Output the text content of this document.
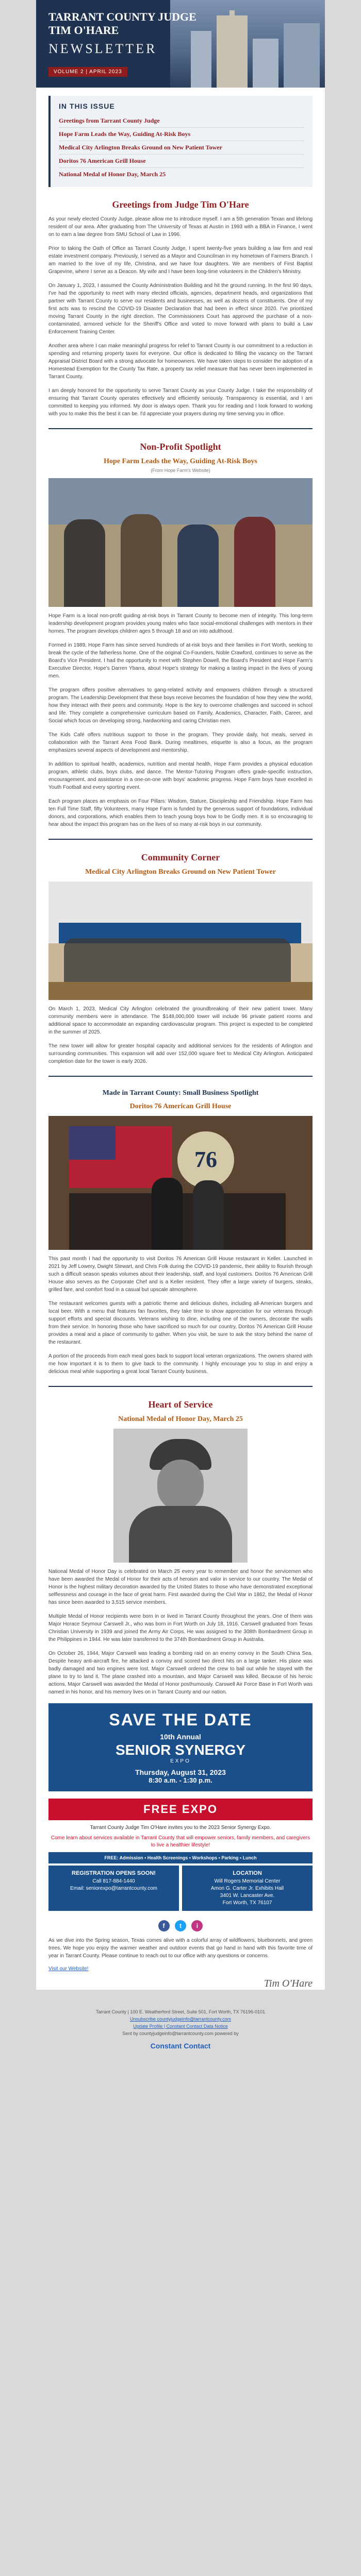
TARRANT COUNTY JUDGE
TIM O'HARE
NEWSLETTER
VOLUME 2 | APRIL 2023
IN THIS ISSUE
Greetings from Tarrant County Judge
Hope Farm Leads the Way, Guiding At-Risk Boys
Medical City Arlington Breaks Ground on New Patient Tower
Doritos 76 American Grill House
National Medal of Honor Day, March 25
Greetings from Judge Tim O'Hare

As your newly elected County Judge, please allow me to introduce myself. I am a 5th generation Texan and lifelong resident of our area. After graduating from The University of Texas at Austin in 1993 with a BBA in Finance, I went on to earn a law degree from SMU School of Law in 1996.

Prior to taking the Oath of Office as Tarrant County Judge, I spent twenty-five years building a law firm and real estate investment company. Previously, I served as a Mayor and Councilman in my hometown of Farmers Branch. I am married to the love of my life, Christina, and we have four daughters. We are members of First Baptist Grapevine, where I serve as a Deacon. My wife and I have been long-time volunteers in the Children's Ministry.

On January 1, 2023, I assumed the County Administration Building and hit the ground running. In the first 90 days, I've had the opportunity to meet with many elected officials, agencies, department heads, and organizations that partner with Tarrant County to serve our residents and businesses, as well as dozens of constituents. One of my first acts was to rescind the COVID-19 Disaster Declaration that had been in effect since 2020. I've prioritized moving Tarrant County in the right direction. The Commissioners Court has approved the purchase of a non-contaminated, armored vehicle for the Sheriff's Office and voted to move forward with plans to build a Law Enforcement Training Center.

Another area where I can make meaningful progress for relief to Tarrant County is our commitment to a reduction in spending and returning property taxes for everyone. Our office is dedicated to filling the vacancy on the Tarrant Appraisal District Board with a strong advocate for homeowners. We have taken steps to consider the adoption of a Homestead Exemption for the County Tax Rate, a property tax relief measure that has never been implemented in Tarrant County.

I am deeply honored for the opportunity to serve Tarrant County as your County Judge. I take the responsibility of ensuring that Tarrant County operates effectively and efficiently seriously. Transparency is essential, and I am committed to keeping you informed. My door is always open. Thank you for reading and I look forward to working with you to make this the best it can be. I'd appreciate your prayers during my time serving you in office.

Non-Profit Spotlight
Hope Farm Leads the Way, Guiding At-Risk Boys
(From Hope Farm's Website)

Hope Farm is a local non-profit guiding at-risk boys in Tarrant County to become men of integrity. This long-term leadership development program provides young males who face social-emotional challenges with mentors in their homes. The program develops children ages 5 through 18 and on into adulthood.

Formed in 1989, Hope Farm has since served hundreds of at-risk boys and their families in Fort Worth, seeking to break the cycle of the fatherless home. One of the original Co-Founders, Noble Crawford, continues to serve as the Board's Vice President. I had the opportunity to meet with Stephen Dowell, the Board's President and Hope Farm's Executive Director, Hope's Darren Ybarra, about Hope's strategy for making a lasting impact in the lives of young men.

The program offers positive alternatives to gang-related activity and empowers children through a structured program. The Leadership Development that these boys receive becomes the foundation of how they view the world, how they interact with their peers and community. Hope is the key to overcome challenges and succeed in school and life. They complete a comprehensive curriculum based on Family, Academics, Character, Faith, Career, and Social which focus on developing strong, hardworking and caring Christian men.

The Kids Café offers nutritious support to those in the program. They provide daily, hot meals, served in collaboration with the Tarrant Area Food Bank. During mealtimes, etiquette is also a focus, as the program emphasizes several aspects of development and mentorship.

In addition to spiritual health, academics, nutrition and mental health, Hope Farm provides a physical education program, athletic clubs, boys clubs, and dance. The Mentor-Tutoring Program offers grade-specific instruction, encouragement, and assistance in a one-on-one with boys' academic progress. Hope Farm boys have excelled in Youth Football and every sporting event.

Each program places an emphasis on Four Pillars: Wisdom, Stature, Discipleship and Friendship. Hope Farm has ten Full Time Staff, fifty Volunteers, many Hope Farm is funded by the generous support of foundations, individual donors, and corporations, which enables them to teach young boys how to be Godly men. It is so encouraging to hear about the impact this program has on the lives of so many at-risk boys in our community.

Community Corner
Medical City Arlington Breaks Ground on New Patient Tower

On March 1, 2023, Medical City Arlington celebrated the groundbreaking of their new patient tower. Many community members were in attendance. The $148,000,000 tower will include 96 private patient rooms and additional space to accommodate an expanding cardiovascular program. This project is expected to be completed in the summer of 2025.

The new tower will allow for greater hospital capacity and additional services for the residents of Arlington and surrounding communities. This expansion will add over 152,000 square feet to Medical City Arlington. Anticipated completion date for the tower is early 2026.

Made in Tarrant County: Small Business Spotlight
Doritos 76 American Grill House
76

This past month I had the opportunity to visit Doritos 76 American Grill House restaurant in Keller. Launched in 2021 by Jeff Lowery, Dwight Stewart, and Chris Folk during the COVID-19 pandemic, their ability to flourish through such a difficult season speaks volumes about their leadership, staff, and loyal customers. Doritos 76 American Grill House also serves as the Corporate Chef and is a Keller resident. They offer a large variety of burgers, steaks, grilled fare, and comfort food in a casual but upscale atmosphere.

The restaurant welcomes guests with a patriotic theme and delicious dishes, including all-American burgers and local beer. With a menu that features fan favorites, they take time to show appreciation for our veterans through support efforts and special discounts. Veterans wishing to dine, including one of the owners, decorate the walls from their service. In honoring those who have sacrificed so much for our country, Doritos 76 American Grill House provides a meal and a place of community to gather. When you visit, be sure to ask the story behind the name of the restaurant.

A portion of the proceeds from each meal goes back to support local veteran organizations. The owners shared with me how important it is to them to give back to the community. I highly encourage you to stop in and enjoy a delicious meal while supporting a great local Tarrant County business.

Heart of Service
National Medal of Honor Day, March 25

National Medal of Honor Day is celebrated on March 25 every year to remember and honor the servicemen who have been awarded the Medal of Honor for their acts of heroism and valor in service to our country. The Medal of Honor is the highest military decoration awarded by the United States to those who have demonstrated exceptional selflessness and courage in the face of great harm. First awarded during the Civil War in 1862, the Medal of Honor has since been awarded to 3,515 service members.

Multiple Medal of Honor recipients were born in or lived in Tarrant County throughout the years. One of them was Major Horace Seymour Carswell Jr., who was born in Fort Worth on July 18, 1916. Carswell graduated from Texas Christian University in 1939 and joined the Army Air Corps. He was assigned to the 308th Bombardment Group in the Philippines in 1944. He was later transferred to the 374th Bombardment Group in Australia.

On October 26, 1944, Major Carswell was leading a bombing raid on an enemy convoy in the South China Sea. Despite heavy anti-aircraft fire, he attacked a convoy and scored two direct hits on a large tanker. His plane was badly damaged and two engines were lost. Major Carswell ordered the crew to bail out while he stayed with the plane to try to land it. The plane crashed into a mountain, and Major Carswell was killed. Because of his heroic actions, Major Carswell was awarded the Medal of Honor posthumously. Carswell Air Force Base in Fort Worth was named in his honor, and his memory lives on in Tarrant County and our nation.

SAVE THE DATE
10th Annual
SENIOR SYNERGY
EXPO
Thursday, August 31, 2023
8:30 a.m. - 1:30 p.m.
FREE EXPO
Tarrant County Judge Tim O'Hare invites you to the 2023 Senior Synergy Expo.
Come learn about services available in Tarrant County that will empower seniors, family members, and caregivers to live a healthier lifestyle!
FREE: Admission • Health Screenings • Workshops • Parking • Lunch
REGISTRATION OPENS SOON!
Call 817-884-1440
Email: seniorexpo@tarrantcounty.com
LOCATION
Will Rogers Memorial Center
Amon G. Carter Jr. Exhibits Hall
3401 W. Lancaster Ave.
Fort Worth, TX 76107
f t i

As we dive into the Spring season, Texas comes alive with a colorful array of wildflowers, bluebonnets, and green trees. We hope you enjoy the warmer weather and outdoor events that go hand in hand with this favorite time of year in Tarrant County. Please continue to reach out to our office with any questions or concerns.

Visit our Website!
Tim O'Hare
Tarrant County | 100 E. Weatherford Street, Suite 501, Fort Worth, TX 76196-0101
Unsubscribe countyjudgeinfo@tarrantcounty.com
Update Profile | Constant Contact Data Notice
Sent by countyjudgeinfo@tarrantcounty.com powered by
Constant Contact
